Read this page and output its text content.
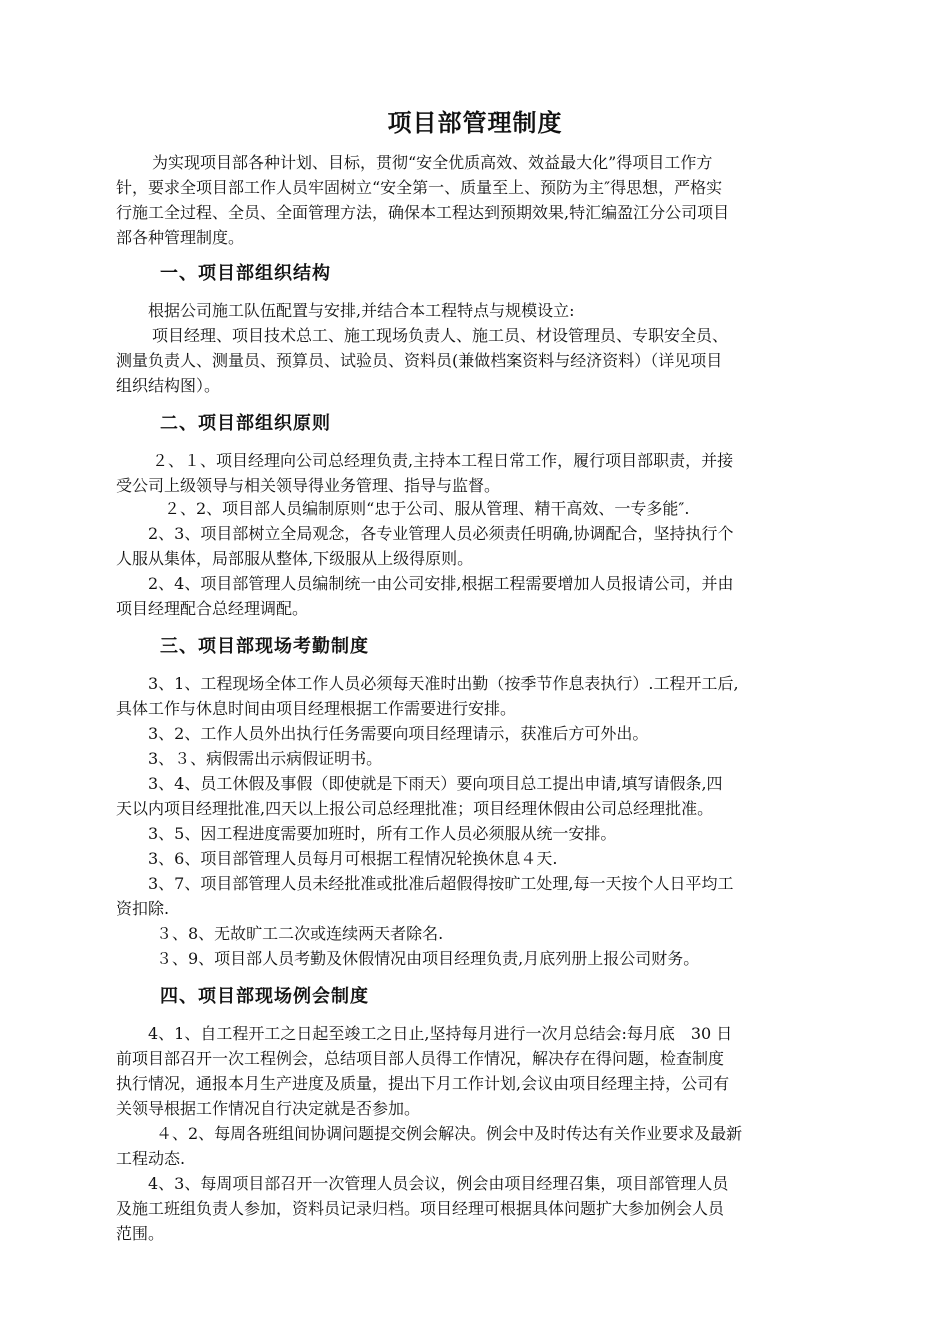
项目部管理制度
为实现项目部各种计划、目标，贯彻“安全优质高效、效益最大化”得项目工作方
针，要求全项目部工作人员牢固树立“安全第一、质量至上、预防为主″得思想，严格实
行施工全过程、全员、全面管理方法，确保本工程达到预期效果,特汇编盈江分公司项目
部各种管理制度。
一、项目部组织结构
根据公司施工队伍配置与安排,并结合本工程特点与规模设立:
项目经理、项目技术总工、施工现场负责人、施工员、材设管理员、专职安全员、
测量负责人、测量员、预算员、试验员、资料员(兼做档案资料与经济资料）（详见项目
组织结构图）。
二、项目部组织原则
２、１、项目经理向公司总经理负责,主持本工程日常工作，履行项目部职责，并接
受公司上级领导与相关领导得业务管理、指导与监督。
２、2、项目部人员编制原则“忠于公司、服从管理、精干高效、一专多能″.
2、3、项目部树立全局观念，各专业管理人员必须责任明确,协调配合，坚持执行个
人服从集体，局部服从整体,下级服从上级得原则。
2、4、项目部管理人员编制统一由公司安排,根据工程需要增加人员报请公司，并由
项目经理配合总经理调配。
三、项目部现场考勤制度
3、1、工程现场全体工作人员必须每天准时出勤（按季节作息表执行）.工程开工后,
具体工作与休息时间由项目经理根据工作需要进行安排。
3、2、工作人员外出执行任务需要向项目经理请示，获准后方可外出。
3、３、病假需出示病假证明书。
3、4、员工休假及事假（即使就是下雨天）要向项目总工提出申请,填写请假条,四
天以内项目经理批准,四天以上报公司总经理批准；项目经理休假由公司总经理批准。
3、5、因工程进度需要加班时，所有工作人员必须服从统一安排。
3、6、项目部管理人员每月可根据工程情况轮换休息４天.
3、7、项目部管理人员未经批准或批准后超假得按旷工处理,每一天按个人日平均工
资扣除.
３、8、无故旷工二次或连续两天者除名.
３、9、项目部人员考勤及休假情况由项目经理负责,月底列册上报公司财务。
四、项目部现场例会制度
4、1、自工程开工之日起至竣工之日止,坚持每月进行一次月总结会:每月底　30 日
前项目部召开一次工程例会，总结项目部人员得工作情况，解决存在得问题，检查制度
执行情况，通报本月生产进度及质量，提出下月工作计划,会议由项目经理主持，公司有
关领导根据工作情况自行决定就是否参加。
４、2、每周各班组间协调问题提交例会解决。例会中及时传达有关作业要求及最新
工程动态.
4、3、每周项目部召开一次管理人员会议，例会由项目经理召集，项目部管理人员
及施工班组负责人参加，资料员记录归档。项目经理可根据具体问题扩大参加例会人员
范围。
